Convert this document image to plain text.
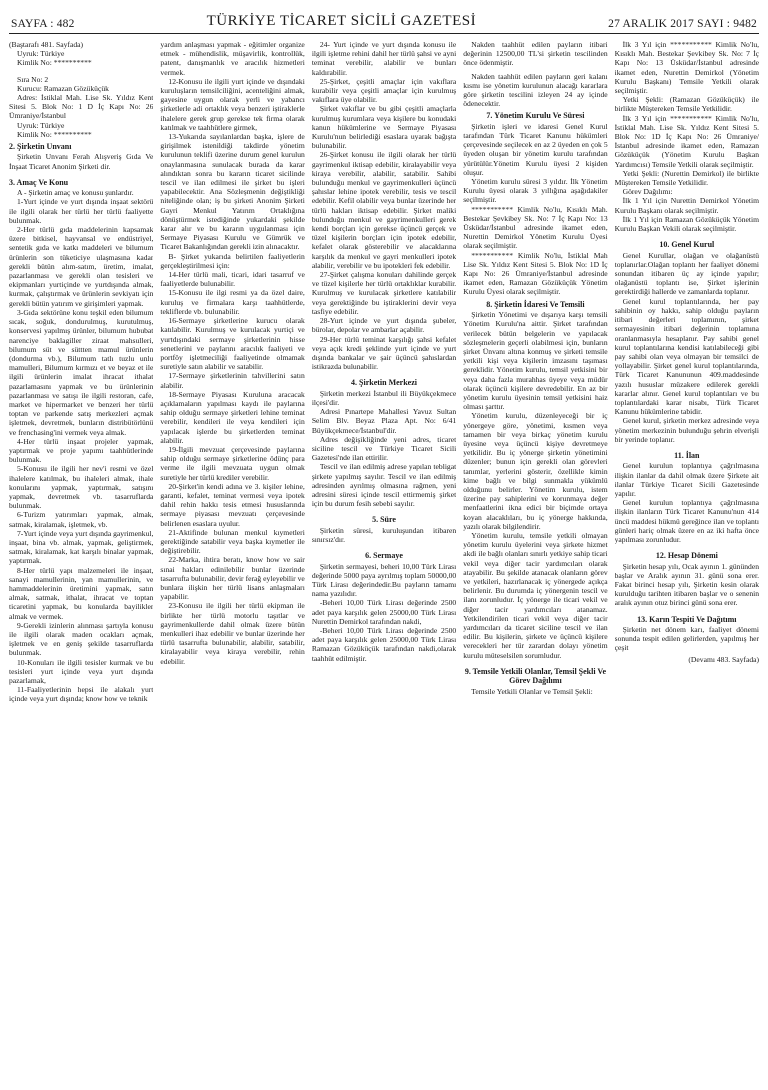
SAYFA : 482	TÜRKİYE TİCARET SİCİLİ GAZETESİ	27 ARALIK 2017 SAYI : 9482

(Baştarafı 481. Sayfada)

Uyruk: Türkiye

Kimlik No: **********

Sıra No: 2

Kurucu: Ramazan Gözüküçük

Adres: İstiklal Mah. Lise Sk. Yıldız Kent Sitesi 5. Blok No: 1 D İç Kapı No: 26 Ümraniye/İstanbul

Uyruk: Türkiye

Kimlik No: **********

2. Şirketin Unvanı

Şirketin Unvanı Ferah Alışveriş Gıda Ve İnşaat Ticaret Anonim Şirketi dir.

3. Amaç Ve Konu

A - Şirketin amaç ve konusu şunlardır.

1-Yurt içinde ve yurt dışında inşaat sektörü ile ilgili olarak her türlü her türlü faaliyette bulunmak.

2-Her türlü gıda maddelerinin kapsamak üzere bitkisel, hayvansal ve endüstriyel, sentetik gıda ve katkı maddeleri ve bilumum ürünlerin son tüketiciye ulaşmasına kadar gerekli bütün alım-satım, üretim, imalat, pazarlanması ve gerekli olan tesisleri ve ekipmanları yurtiçinde ve yurtdışında almak, kurmak, çalıştırmak ve ürünlerin sevkiyatı için gerekli bütün yatırım ve girişimleri yapmak.

3-Gıda sektörüne konu teşkil eden bilumum sıcak, soğuk, dondurulmuş, kurutulmuş, konservesi yapılmış ürünler, bilumum hububat narenciye baklagiller ziraat mahsulleri, bilumum süt ve süttten mamul ürünlerin (dondurma vb.), Bilumum tatlı tuzlu unlu mamulleri, Bilumum kırmızı et ve beyaz et ile ilgili ürünlerin imalat ihracat ithalat pazarlamasını yapmak ve bu ürünlerinin pazarlanması ve satışı ile ilgili restoran, cafe, market ve hipermarket ve benzeri her türlü toptan ve parkende satış merkezleri açmak işletmek, devretmek, bunların distribütörlünü ve frenchasing'ini vermek veya almak.

4-Her türlü inşaat projeler yapmak, yaptırmak ve proje yapımı taahhütlerinde bulunmak.

5-Konusu ile ilgili her nev'i resmi ve özel ihalelere katılmak, bu ihaleleri almak, ihale konularını yapmak, yaptırmak, satışını yapmak, devretmek vb. tasarruflarda bulunmak.

6-Turizm yatırımları yapmak, almak, satmak, kiralamak, işletmek, vb.

7-Yurt içinde veya yurt dışında gayrimenkul, inşaat, bina vb. almak, yapmak, geliştirmek, satmak, kiralamak, kat karşılı binalar yapmak, yaptırmak.

8-Her türlü yapı malzemeleri ile inşaat, sanayi mamullerinin, yan mamullerinin, ve hammaddelerinin üretimini yapmak, satın almak, satmak, ithalat, ihracat ve toptan ticaretini yapmak, bu konularda bayilikler almak ve vermek.

9-Gerekli izinlerin alınması şartıyla konusu ile ilgili olarak maden ocakları açmak, işletmek ve en geniş şekilde tasarruflarda bulunmak.

10-Konuları ile ilgili tesisler kurmak ve bu tesisleri yurt içinde veya yurt dışında pazarlamak,

11-Faaliyetlerinin hepsi ile alakalı yurt içinde veya yurt dışında; know how ve teknik

yardım anlaşması yapmak - eğitimler organize etmek - mühendislik, müşavirlik, kontrollük, patent, danışmanlık ve aracılık hizmetleri vermek.

12-Konusu ile ilgili yurt içinde ve dışındaki kuruluşların temsilciliğini, acenteliğini almak, gayesine uygun olarak yerli ve yabancı şirketlerle adi ortaklık veya benzeri iştiraklerle ihalelere gerek grup gerekse tek firma olarak katılmak ve taahhütlere girmek,

13-Yukarıda sayılanlardan başka, işlere de girişilmek istenildiği takdirde yönetim kurulunun teklifi üzerine durum genel kurulun onaylanmasına sunulacak burada da karar alındıktan sonra bu kararın ticaret sicilinde tescil ve ilan edilmesi ile şirket bu işleri yapabilecektir. Ana Sözleşmenin değiştikliği niteliğinde olan; iş bu şirketi Anonim Şirketi Gayri Menkul Yatırım Ortaklığına dönüştürmek istediğinde yukardaki şekilde karar alır ve bu kararın uygulanması için Sermaye Piyasası Kurulu ve Gümrük ve Ticaret Bakanlığından gerekli izin alınacaktır.

B- Şirket yukarıda belirtilen faaliyetlerin gerçekleştirilmesi için:

14-Her türlü mali, ticari, idari tasarruf ve faaliyetlerde bulunabilir.

15-Konusu ile ilgi resmi ya da özel daire, kuruluş ve firmalara karşı taahhütlerde, tekliflerde vb. bulunabilir.

16-Sermaye şirketlerine kurucu olarak katılabilir. Kurulmuş ve kurulacak yurtiçi ve yurtdışındaki sermaye şirketlerinin hisse senetlerini ve paylarını aracılık faaliyeti ve portföy işletmeciliği faaliyetinde olmamak suretiyle satın alabilir ve satabilir.

17-Sermaye şirketlerinin tahvillerini satın alabilir.

18-Sermaye Piyasası Kuruluna aracacak açıklamaların yapılması kaydı ile paylarına sahip olduğu sermaye şirketleri lehine teminat verebilir, kendileri ile veya kendileri için yapılacak işlerde bu şirketlerden teminat alabilir.

19-İlgili mevzuat çerçevesinde paylarına sahip olduğu sermaye şirketlerine ödünç para verme ile ilgili mevzuata uygun olmak suretiyle her türlü krediler verebilir.

20-Şirket'in kendi adına ve 3. kişiler lehine, garanti, kefalet, teminat vermesi veya ipotek dahil rehin hakkı tesis etmesi hususlarında sermaye piyasası mevzuatı çerçevesinde belirlenen esaslara uyulur.

21-Aktifinde bulunan menkul kıymetleri gerektiğinde satabilir veya başka kıymetler ile değiştirebilir.

22-Marka, ihtira beratı, know how ve sair sınai hakları edinilebilir bunlar üzerinde tasarrufta bulunabilir, devir ferağ eyleyebilir ve bunlara ilişkin her türlü lisans anlaşmaları yapabilir.

23-Konusu ile ilgili her türlü ekipman ile birlikte her türlü motorlu taşıtlar ve gayrimenkullerde dahil olmak üzere bütün menkulleri ihaz edebilir ve bunlar üzerinde her türlü tasarrufta bulunabilir, alabilir, satabilir, kiralayabilir veya kiraya verebilir, rehin edebilir.

24- Yurt içinde ve yurt dışında konusu ile ilgili işletme rehini dahil her türlü şahsi ve ayni teminat verebilir, alabilir ve bunları kaldırabilir.

25-Şirket, çeşitli amaçlar için vakıflara kurabilir veya çeşitli amaçlar için kurulmuş vakıflara üye olabilir.

Şirket vakıflar ve bu gibi çeşitli amaçlarla kurulmuş kurumlara veya kişilere bu konudaki kanun hükümlerine ve Sermaye Piyasası Kurulu'nun belirlediği esaslara uyarak bağışta bulunabilir.

26-Şirket konusu ile ilgili olarak her türlü gayrimenkul iktisap edebilir, kiralayabilir veya kiraya verebilir, alabilir, satabilir. Sahibi bulunduğu menkul ve gayrimenkulleri üçüncü şahıslar lehine ipotek verebilir, tesis ve tescil edebilir. Kefil olabilir veya bunlar üzerinde her türlü hakları iktisap edebilir. Şirket maliki bulunduğu menkul ve gayrimenkulleri gerek kendi borçları için gerekse üçüncü gerçek ve tüzel kişilerin borçları için ipotek edebilir, kefalet olarak gösterebilir ve alacaklarına karşılık da menkul ve gayri menkulleri ipotek alabilir, verebilir ve bu ipotekleri fek edebilir.

27-Şirket çalışma konuları dahilinde gerçek ve tüzel kişilerle her türlü ortaklıklar kurabilir. Kurulmuş ve kurulacak şirketlere katılabilir veya gerektiğinde bu iştiraklerini devir veya tasfiye edebilir.

28-Yurt içinde ve yurt dışında şubeler, bürolar, depolar ve ambarlar açabilir.

29-Her türlü teminat karşılığı şahsi kefalet veya açık kredi şeklinde yurt içinde ve yurt dışında bankalar ve şair üçüncü şahıslardan istikrazda bulunabilir.

4. Şirketin Merkezi

Şirketin merkezi İstanbul ili Büyükçekmece ilçesi'dir.

Adresi Pınartepe Mahallesi Yavuz Sultan Selim Blv. Beyaz Plaza Apt. No: 6/41 Büyükçekmece/İstanbul'dir.

Adres değişikliğinde yeni adres, ticaret siciline tescil ve Türkiye Ticaret Sicili Gazetesi'nde ilan ettirilir.

Tescil ve ilan edilmiş adrese yapılan tebligat şirkete yapılmış sayılır. Tescil ve ilan edilmiş adresinden ayrılmış olmasına rağmen, yeni adresini süresi içinde tescil ettirmemiş şirket için bu durum fesih sebebi sayılır.

5. Süre

Şirketin süresi, kuruluşundan itibaren sınırsız'dır.

6. Sermaye

Şirketin sermayesi, beheri 10,00 Türk Lirası değerinde 5000 paya ayrılmış toplam 50000,00 Türk Lirası değerindedir.Bu payların tamamı nama yazılıdır.

-Beheri 10,00 Türk Lirası değerinde 2500 adet paya karşılık gelen 25000,00 Türk Lirası Nurettin Demirkol tarafından nakdi,

-Beheri 10,00 Türk Lirası değerinde 2500 adet paya karşılık gelen 25000,00 Türk Lirası Ramazan Gözüküçük tarafından nakdi,olarak taahhüt edilmiştir.

Nakden taahhüt edilen payların itibari değerinin 12500,00 TL'si şirketin tescilinden önce ödenmiştir.

Nakden taahhüt edilen payların geri kalanı kısmı ise yönetim kurulunun alacağı kararlara göre şirketin tescilini izleyen 24 ay içinde ödenecektir.

7. Yönetim Kurulu Ve Süresi

Şirketin işleri ve idaresi Genel Kurul tarafından Türk Ticaret Kanunu hükümleri çerçevesinde seçilecek en az 2 üyeden en çok 5 üyeden oluşan bir yönetim kurulu tarafından yürütülür.Yönetim Kurulu üyesi 2 kişiden oluşur.

Yönetim kurulu süresi 3 yıldır. İlk Yönetim Kurulu üyesi olarak 3 yıllığına aşağıdakiler seçilmiştir.

*********** Kimlik No'lu, Kısıklı Mah. Bestekar Şevkibey Sk. No: 7 İç Kapı No: 13 Üsküdar/İstanbul adresinde ikamet eden, Nurettin Demirkol Yönetim Kurulu Üyesi olarak seçilmiştir.

*********** Kimlik No'lu, İstiklal Mah Lise Sk. Yıldız Kent Sitesi 5. Blok No: 1D İç Kapı No: 26 Ümraniye/İstanbul adresinde ikamet eden, Ramazan Gözüküçük Yönetim Kurulu Üyesi olarak seçilmiştir.

8. Şirketin İdaresi Ve Temsili

Şirketin Yönetimi ve dışarıya karşı temsili Yönetim Kurulu'na aittir. Şirket tarafından verilecek bütün belgelerin ve yapılacak sözleşmelerin geçerli olabilmesi için, bunların şirket Ünvanı altına konmuş ve şirketi temsile yetkili kişi veya kişilerin imzasını taşıması gereklidir. Yönetim kurulu, temsil yetkisini bir veya daha fazla murahhas üyeye veya müdür olarak üçüncü kişilere devredebilir. En az bir yönetim kurulu üyesinin temsil yetkisini haiz olması şarttır.

Yönetim kurulu, düzenleyeceği bir iç yönergeye göre, yönetimi, kısmen veya tamamen bir veya birkaç yönetim kurulu üyesine veya üçüncü kişiye devretmeye yetkilidir. Bu iç yönerge şirketin yönetimini düzenler; bunun için gerekli olan görevleri tanımlar, yerlerini gösterir, özellikle kimin kime bağlı ve bilgi sunmakla yükümlü olduğunu belirler. Yönetim kurulu, istem üzerine pay sahiplerini ve korunmaya değer menfaatlerini ikna edici bir biçimde ortaya koyan alacaklıları, bu iç yönerge hakkında, yazılı olarak bilgilendirir.

Yönetim kurulu, temsile yetkili olmayan yönetim kurulu üyelerini veya şirkete hizmet akdi ile bağlı olanları sınırlı yetkiye sahip ticari vekil veya diğer tacir yardımcıları olarak atayabilir. Bu şekilde atanacak olanların görev ve yetkileri, hazırlanacak iç yönergede açıkça belirlenir. Bu durumda iç yönergenin tescil ve ilanı zorunludur. İç yönerge ile ticari vekil ve diğer tacir yardımcıları atanamaz. Yetkilendirilen ticari vekil veya diğer tacir yardımcıları da ticaret siciline tescil ve ilan edilir. Bu kişilerin, şirkete ve üçüncü kişilere verecekleri her tür zarardan dolayı yönetim kurulu müteselsilen sorumludur.

9. Temsile Yetkili Olanlar, Temsil Şekli Ve Görev Dağılımı

Temsile Yetkili Olanlar ve Temsil Şekli:

İlk 3 Yıl için *********** Kimlik No'lu, Kısıklı Mah. Bestekar Şevkibey Sk. No: 7 İç Kapı No: 13 Üsküdar/İstanbul adresinde ikamet eden, Nurettin Demirkol (Yönetim Kurulu Başkanı) Temsile Yetkili olarak seçilmiştir.

Yetki Şekli: (Ramazan Gözüküçük) ile birlikte Müştereken Temsile Yetkilidir.

İlk 3 Yıl için *********** Kimlik No'lu, İstiklal Mah. Lise Sk. Yıldız Kent Sitesi 5. Blok No: 1D İç Kapı No: 26 Ümraniye/İstanbul adresinde ikamet eden, Ramazan Gözüküçük (Yönetim Kurulu Başkan Yardımcısı) Temsile Yetkili olarak seçilmiştir.

Yetki Şekli: (Nurettin Demirkol) ile birlikte Müştereken Temsile Yetkilidir.

Görev Dağılımı:

İlk 1 Yıl için Nurettin Demirkol Yönetim Kurulu Başkanı olarak seçilmiştir.

İlk 1 Yıl için Ramazan Gözüküçük Yönetim Kurulu Başkan Vekili olarak seçilmiştir.

10. Genel Kurul

Genel Kurullar, olağan ve olağanüstü toplanırlar.Olağan toplantı her faaliyet dönemi sonundan itibaren üç ay içinde yapılır; olağanüstü toplantı ise, Şirket işlerinin gerektirdiği hallerde ve zamanlarda toplanır.

Genel kurul toplantılarında, her pay sahibinin oy hakkı, sahip olduğu payların itibari değerleri toplamının, şirket sermayesinin itibari değerinin toplamına oranlanmasıyla hesaplanır. Pay sahibi genel kurul toplantılarına kendisi katılabileceği gibi pay sahibi olan veya olmayan bir temsilci de yollayabilir. Şirket genel kurul toplantılarında, Türk Ticaret Kanununun 409.maddesinde yazılı hususlar müzakere edilerek gerekli kararlar alınır. Genel kurul toplantıları ve bu toplantılardaki karar nisabı, Türk Ticaret Kanunu hükümlerine tabidir.

Genel kurul, şirketin merkez adresinde veya yönetim merkezinin bulunduğu şehrin elverişli bir yerinde toplanır.

11. İlan

Genel kurulun toplantıya çağrılmasına ilişkin ilanlar da dahil olmak üzere Şirkete ait ilanlar Türkiye Ticaret Sicili Gazetesinde yapılır.

Genel kurulun toplantıya çağrılmasına ilişkin ilanların Türk Ticaret Kanunu'nun 414 üncü maddesi hükmü gereğince ilan ve toplantı günleri hariç olmak üzere en az iki hafta önce yapılması zorunludur.

12. Hesap Dönemi

Şirketin hesap yılı, Ocak ayının 1. gününden başlar ve Aralık ayının 31. günü sona erer. Fakat birinci hesap yılı, Şirketin kesin olarak kurulduğu tarihten itibaren başlar ve o senenin aralık ayının otuz birinci günü sona erer.

13. Karın Tespiti Ve Dağıtımı

Şirketin net dönem karı, faaliyet dönemi sonunda tespit edilen gelirlerden, yapılmış her çeşit

(Devamı 483. Sayfada)
